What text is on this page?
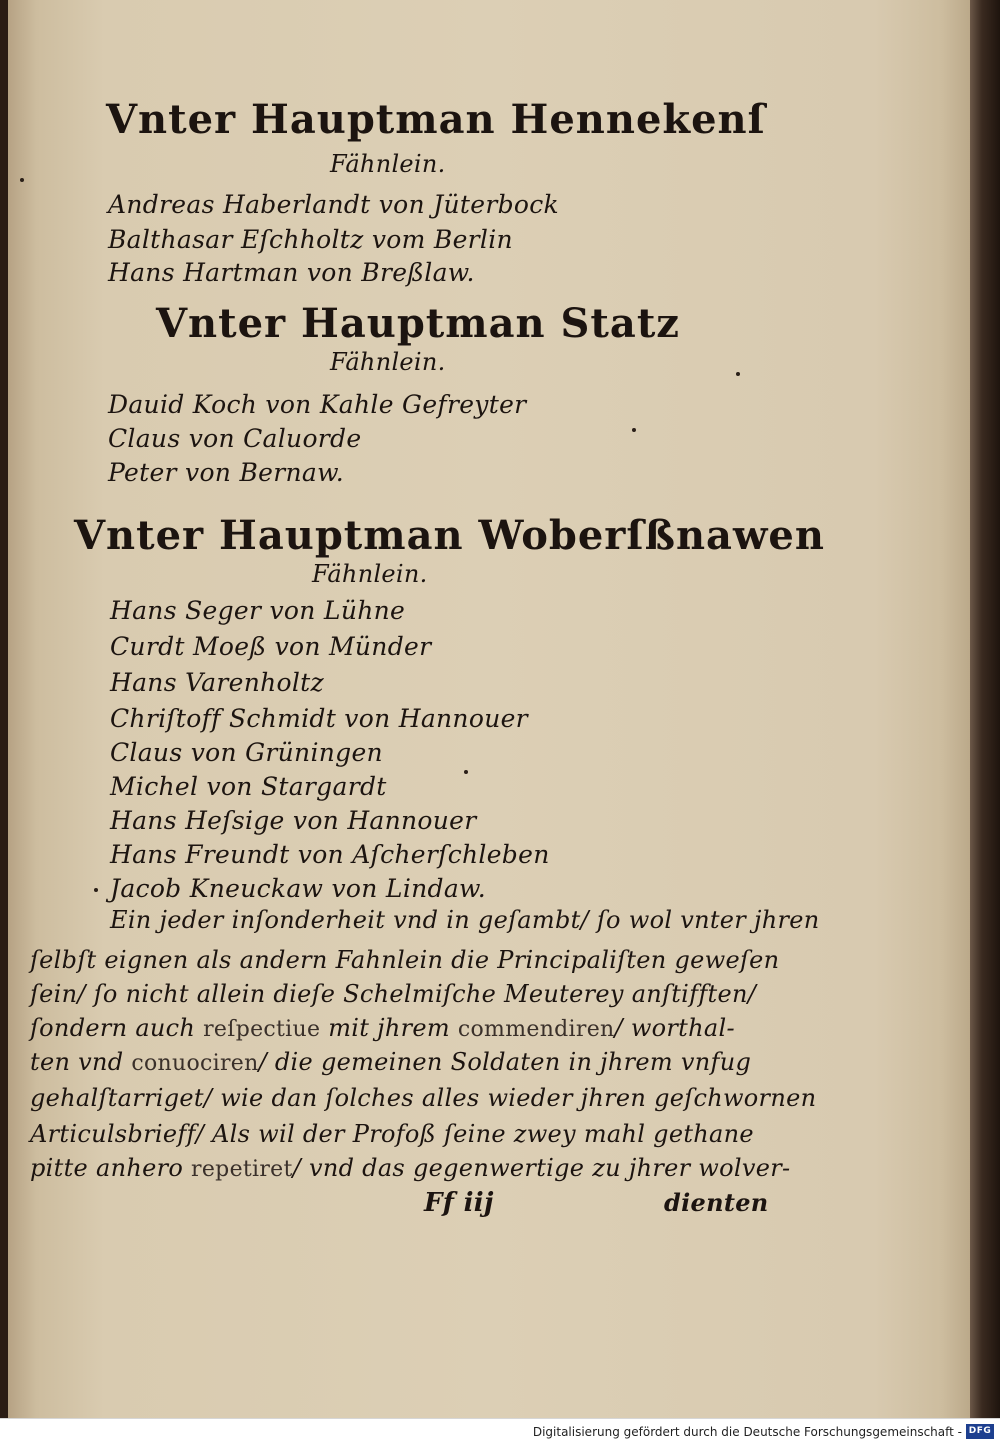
Vnter Hauptman Hennekenſ
Fähnlein.
Andreas Haberlandt von Jüterbock
Balthasar Eſchholtz vom Berlin
Hans Hartman von Breßlaw.
Vnter Hauptman Statz
Fähnlein.
Dauid Koch von Kahle Gefreyter
Claus von Caluorde
Peter von Bernaw.
Vnter Hauptman Woberſßnawen
Fähnlein.
Hans Seger von Lühne
Curdt Moeß von Münder
Hans Varenholtz
Chriſtoff Schmidt von Hannouer
Claus von Grüningen
Michel von Stargardt
Hans Heſsige von Hannouer
Hans Freundt von Aſcherſchleben
Jacob Kneuckaw von Lindaw.
Ein jeder inſonderheit vnd in geſambt/ ſo wol vnter jhren
ſelbſt eignen als andern Fahnlein die Principaliſten geweſen
ſein/ ſo nicht allein dieſe Schelmiſche Meuterey anſtifften/
ſondern auch reſpectiue mit jhrem commendiren/ worthal-
ten vnd conuociren/ die gemeinen Soldaten in jhrem vnfug
gehalſtarriget/ wie dan ſolches alles wieder jhren geſchwornen
Articulsbrieff/ Als wil der Profoß ſeine zwey mahl gethane
pitte anhero repetiret/ vnd das gegenwertige zu jhrer wolver-
Ff iij	dienten
Digitalisierung gefördert durch die Deutsche Forschungsgemeinschaft - DFG
